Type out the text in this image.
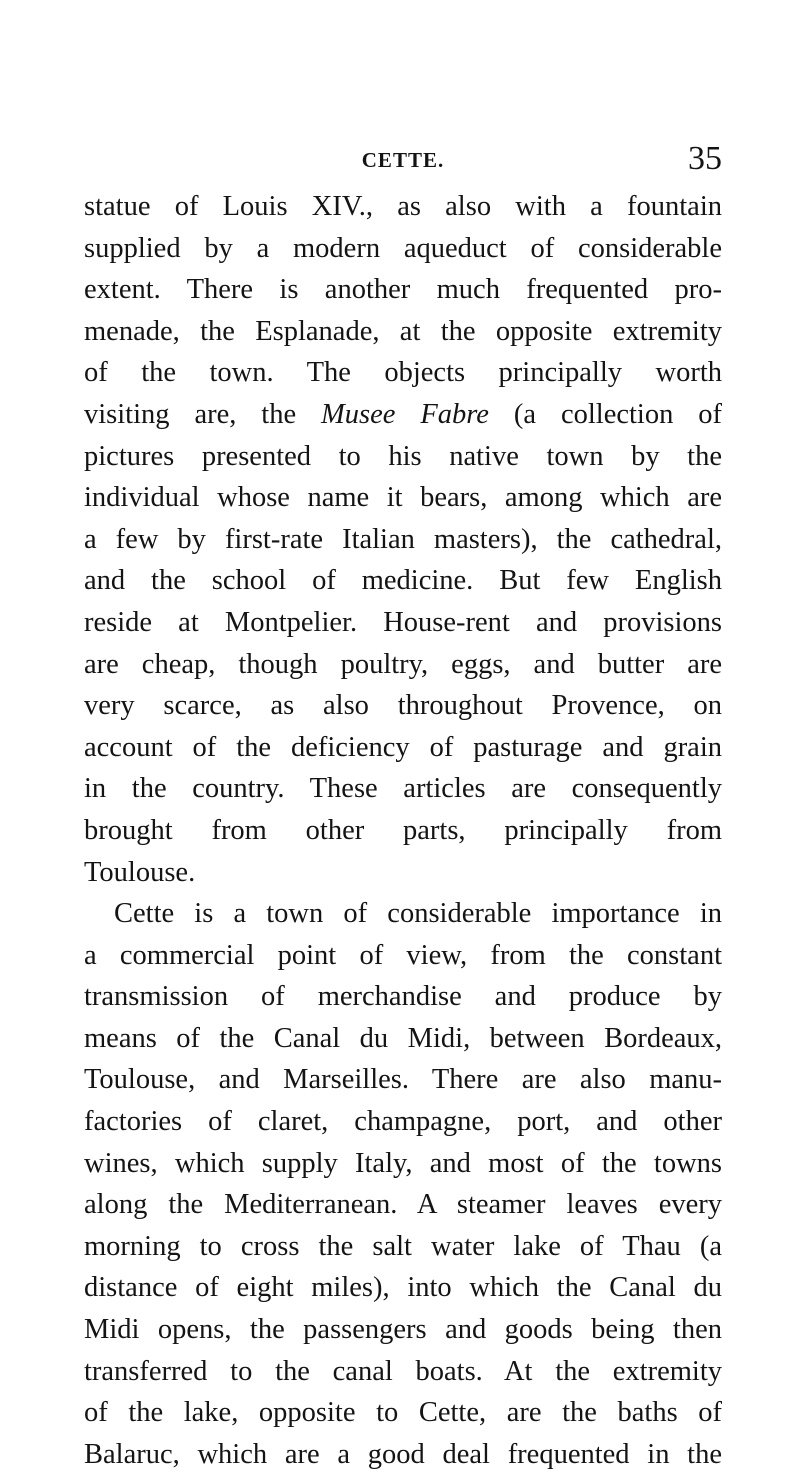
CETTE.	35
statue of Louis XIV., as also with a fountain
supplied by a modern aqueduct of considerable
extent. There is another much frequented pro-
menade, the Esplanade, at the opposite extremity
of the town. The objects principally worth
visiting are, the Musee Fabre (a collection of
pictures presented to his native town by the
individual whose name it bears, among which are
a few by first-rate Italian masters), the cathedral,
and the school of medicine. But few English
reside at Montpelier. House-rent and provisions
are cheap, though poultry, eggs, and butter are
very scarce, as also throughout Provence, on
account of the deficiency of pasturage and grain
in the country. These articles are consequently
brought from other parts, principally from
Toulouse.
Cette is a town of considerable importance in
a commercial point of view, from the constant
transmission of merchandise and produce by
means of the Canal du Midi, between Bordeaux,
Toulouse, and Marseilles. There are also manu-
factories of claret, champagne, port, and other
wines, which supply Italy, and most of the towns
along the Mediterranean. A steamer leaves every
morning to cross the salt water lake of Thau (a
distance of eight miles), into which the Canal du
Midi opens, the passengers and goods being then
transferred to the canal boats. At the extremity
of the lake, opposite to Cette, are the baths of
Balaruc, which are a good deal frequented in the
